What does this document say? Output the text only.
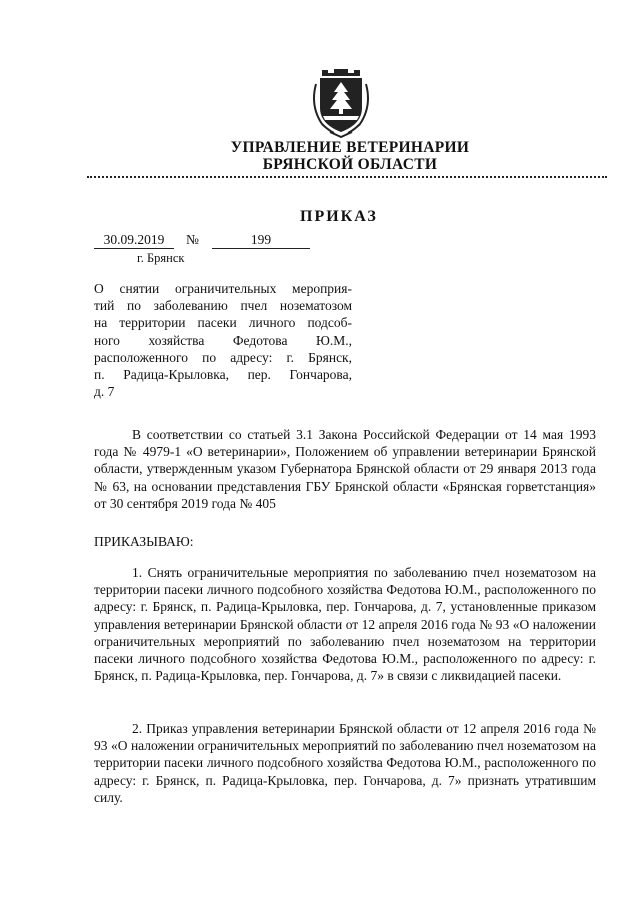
УПРАВЛЕНИЕ ВЕТЕРИНАРИИ
БРЯНСКОЙ ОБЛАСТИ
ПРИКАЗ
30.09.2019	№	199
г. Брянск
О снятии ограничительных мероприя-
тий по заболеванию пчел нозематозом
на территории пасеки личного подсоб-
ного хозяйства Федотова Ю.М.,
расположенного по адресу: г. Брянск,
п. Радица-Крыловка, пер. Гончарова,
д. 7
В соответствии со статьей 3.1 Закона Российской Федерации от 14 мая 1993 года № 4979-1 «О ветеринарии», Положением об управлении ветеринарии Брянской области, утвержденным указом Губернатора Брянской области от 29 января 2013 года № 63, на основании представления ГБУ Брянской области «Брянская горветстанция» от 30 сентября 2019 года № 405
ПРИКАЗЫВАЮ:
1. Снять ограничительные мероприятия по заболеванию пчел нозематозом на территории пасеки личного подсобного хозяйства Федотова Ю.М., расположенного по адресу: г. Брянск, п. Радица-Крыловка, пер. Гончарова, д. 7, установленные приказом управления ветеринарии Брянской области от 12 апреля 2016 года № 93 «О наложении ограничительных мероприятий по заболеванию пчел нозематозом на территории пасеки личного подсобного хозяйства Федотова Ю.М., расположенного по адресу: г. Брянск, п. Радица-Крыловка, пер. Гончарова, д. 7» в связи с ликвидацией пасеки.
2. Приказ управления ветеринарии Брянской области от 12 апреля 2016 года № 93 «О наложении ограничительных мероприятий по заболеванию пчел нозематозом на территории пасеки личного подсобного хозяйства Федотова Ю.М., расположенного по адресу: г. Брянск, п. Радица-Крыловка, пер. Гончарова, д. 7» признать утратившим силу.
